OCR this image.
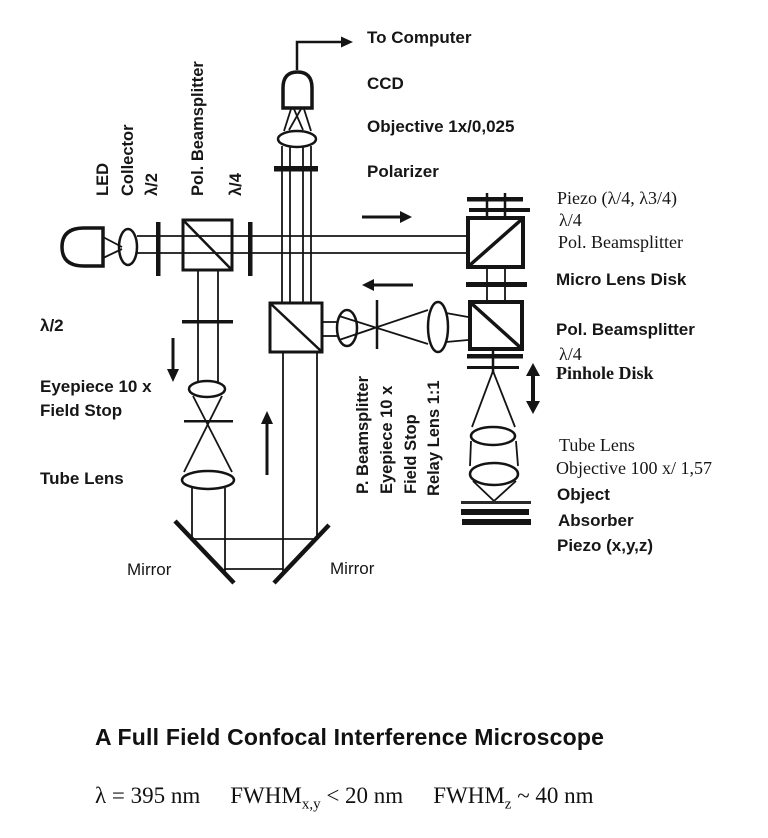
To Computer
CCD
Objective 1x/0,025
Polarizer
Piezo (λ/4, λ3/4)
λ/4
Pol. Beamsplitter
Micro Lens Disk
Pol. Beamsplitter
λ/4
Pinhole Disk
Tube Lens
Objective 100 x/ 1,57
Object
Absorber
Piezo (x,y,z)
λ/2
Eyepiece 10 x
Field Stop
Tube Lens
Mirror	Mirror
LED Collector λ/2 Pol. Beamsplitter λ/4
P. Beamsplitter Eyepiece 10 x Field Stop Relay Lens 1:1
A Full Field Confocal Interference Microscope
λ = 395 nm $FWHM_{x,y} < 20$ nm $FWHM_z$ ~ 40 nm
